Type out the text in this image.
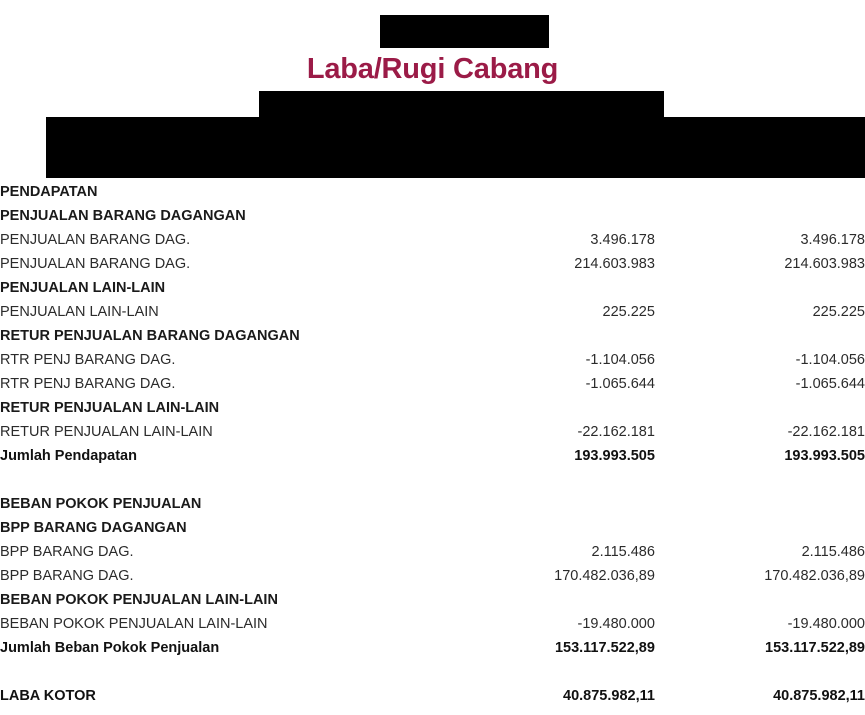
Laba/Rugi Cabang
PENDAPATAN		
PENJUALAN BARANG DAGANGAN		
PENJUALAN BARANG DAG.	3.496.178	3.496.178
PENJUALAN BARANG DAG.	214.603.983	214.603.983
PENJUALAN LAIN-LAIN		
PENJUALAN LAIN-LAIN	225.225	225.225
RETUR PENJUALAN BARANG DAGANGAN		
RTR PENJ BARANG DAG.	-1.104.056	-1.104.056
RTR PENJ BARANG DAG.	-1.065.644	-1.065.644
RETUR PENJUALAN LAIN-LAIN		
RETUR PENJUALAN LAIN-LAIN	-22.162.181	-22.162.181
Jumlah Pendapatan	193.993.505	193.993.505

BEBAN POKOK PENJUALAN		
BPP BARANG DAGANGAN		
BPP BARANG DAG.	2.115.486	2.115.486
BPP BARANG DAG.	170.482.036,89	170.482.036,89
BEBAN POKOK PENJUALAN LAIN-LAIN		
BEBAN POKOK PENJUALAN LAIN-LAIN	-19.480.000	-19.480.000
Jumlah Beban Pokok Penjualan	153.117.522,89	153.117.522,89

LABA KOTOR	40.875.982,11	40.875.982,11
